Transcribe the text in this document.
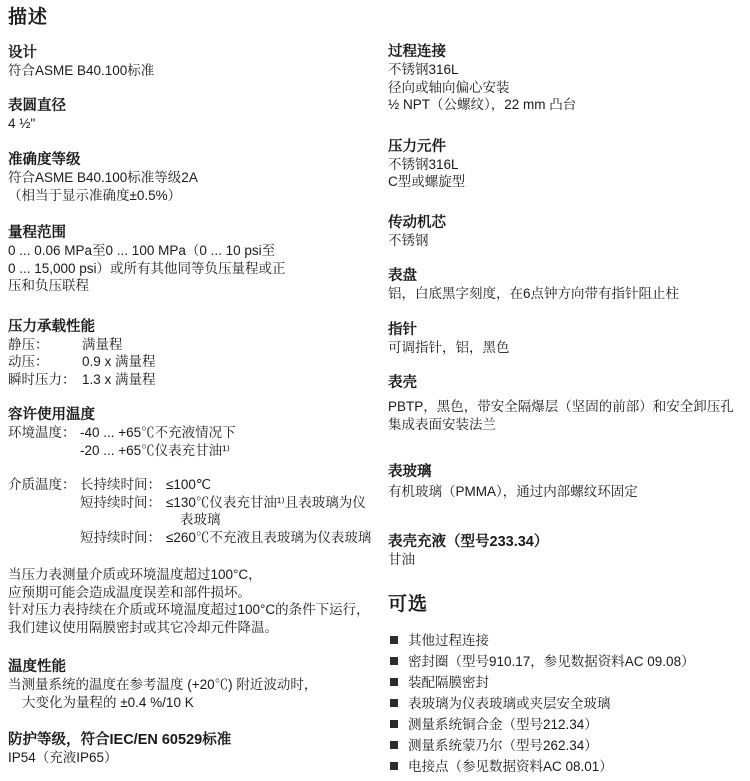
描述
设计
符合ASME B40.100标准
表圆直径
4 ½"
准确度等级
符合ASME B40.100标准等级2A
（相当于显示准确度±0.5%）
量程范围
0 ... 0.06 MPa至0 ... 100 MPa（0 ... 10 psi至
0 ... 15,000 psi）或所有其他同等负压量程或正
压和负压联程
压力承载性能
静压：	满量程
动压：	0.9 x 满量程
瞬时压力： 1.3 x 满量程
容许使用温度
环境温度： -40 ... +65℃不充液情况下
-20 ... +65℃仪表充甘油¹⁾
介质温度： 长持续时间： ≤100℃
短持续时间： ≤130℃仪表充甘油¹⁾且表玻璃为仪
表玻璃
短持续时间： ≤260℃不充液且表玻璃为仪表玻璃
当压力表测量介质或环境温度超过100°C，
应预期可能会造成温度误差和部件损坏。
针对压力表持续在介质或环境温度超过100°C的条件下运行，
我们建议使用隔膜密封或其它冷却元件降温。
温度性能
当测量系统的温度在参考温度 (+20℃) 附近波动时，
大变化为量程的 ±0.4 %/10 K
防护等级，符合IEC/EN 60529标准
IP54（充液IP65）
过程连接
不锈钢316L
径向或轴向偏心安装
½ NPT（公螺纹），22 mm 凸台
压力元件
不锈钢316L
C型或螺旋型
传动机芯
不锈钢
表盘
铝，白底黑字刻度，在6点钟方向带有指针阻止柱
指针
可调指针，铝，黑色
表壳
PBTP，黑色，带安全隔爆层（坚固的前部）和安全卸压孔
集成表面安装法兰
表玻璃
有机玻璃（PMMA），通过内部螺纹环固定
表壳充液（型号233.34）
甘油
可选
其他过程连接
密封圈（型号910.17，参见数据资料AC 09.08）
装配隔膜密封
表玻璃为仪表玻璃或夹层安全玻璃
测量系统铜合金（型号212.34）
测量系统蒙乃尔（型号262.34）
电接点（参见数据资料AC 08.01）
